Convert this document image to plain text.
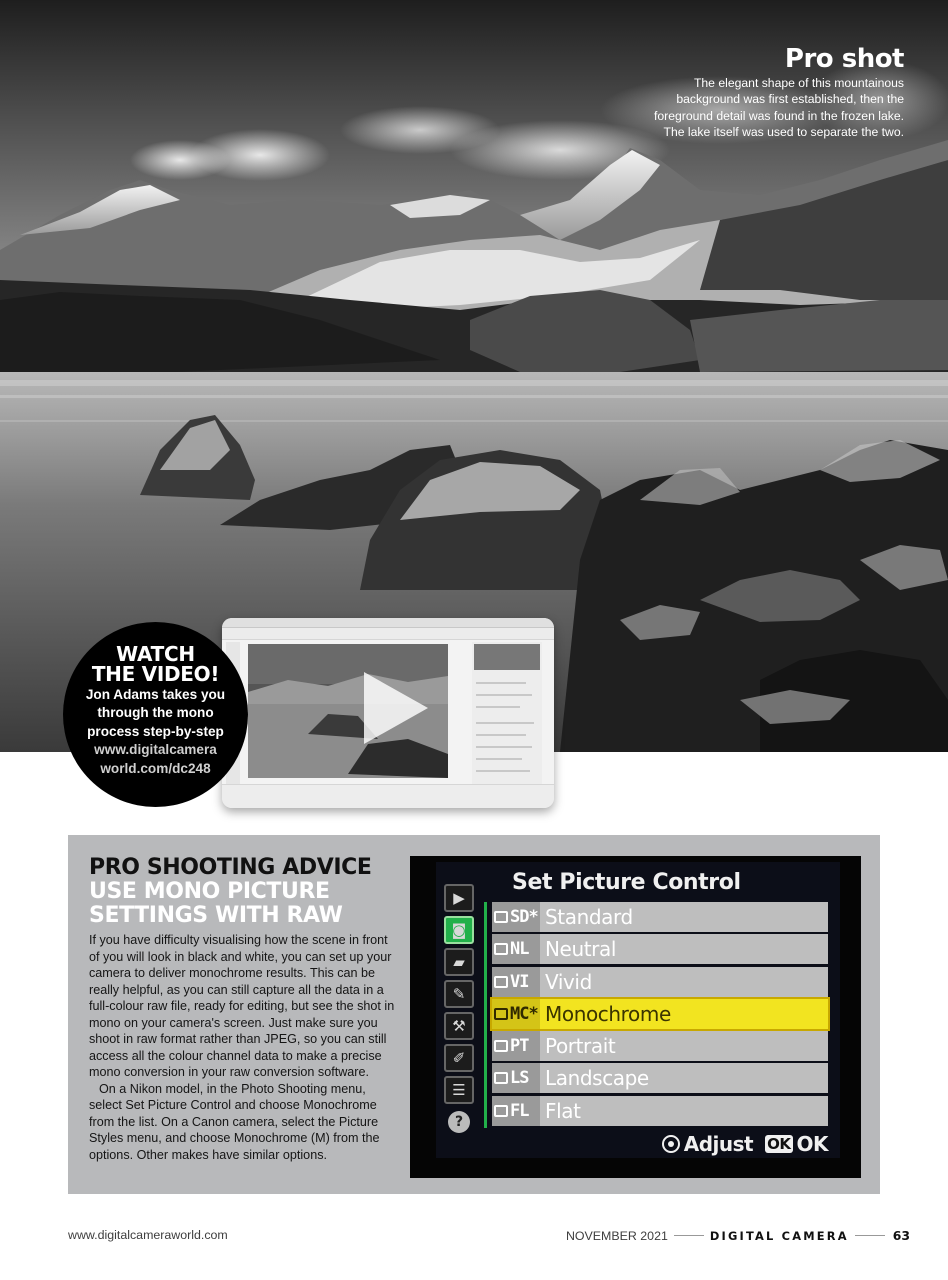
Pro shot

The elegant shape of this mountainous background was first established, then the foreground detail was found in the frozen lake. The lake itself was used to separate the two.

WATCH
THE VIDEO!
Jon Adams takes you
through the mono
process step-by-step
www.digitalcamera
world.com/dc248
PRO SHOOTING ADVICE
USE MONO PICTURE SETTINGS WITH RAW

If you have difficulty visualising how the scene in front of you will look in black and white, you can set up your camera to deliver monochrome results. This can be really helpful, as you can still capture all the data in a full-colour raw file, ready for editing, but see the shot in mono on your camera's screen. Just make sure you shoot in raw format rather than JPEG, so you can still access all the colour channel data to make a precise mono conversion in your raw conversion software.

On a Nikon model, in the Photo Shooting menu, select Set Picture Control and choose Monochrome from the list. On a Canon camera, select the Picture Styles menu, and choose Monochrome (M) from the options. Other makes have similar options.

Set Picture Control
▶
◙
▰
✎
⚒
✐
☰
?
SD* Standard
NL Neutral
VI Vivid
MC* Monochrome
PT Portrait
LS Landscape
FL Flat
Adjust OK OK
www.digitalcameraworld.com	NOVEMBER 2021	DIGITAL CAMERA	63
